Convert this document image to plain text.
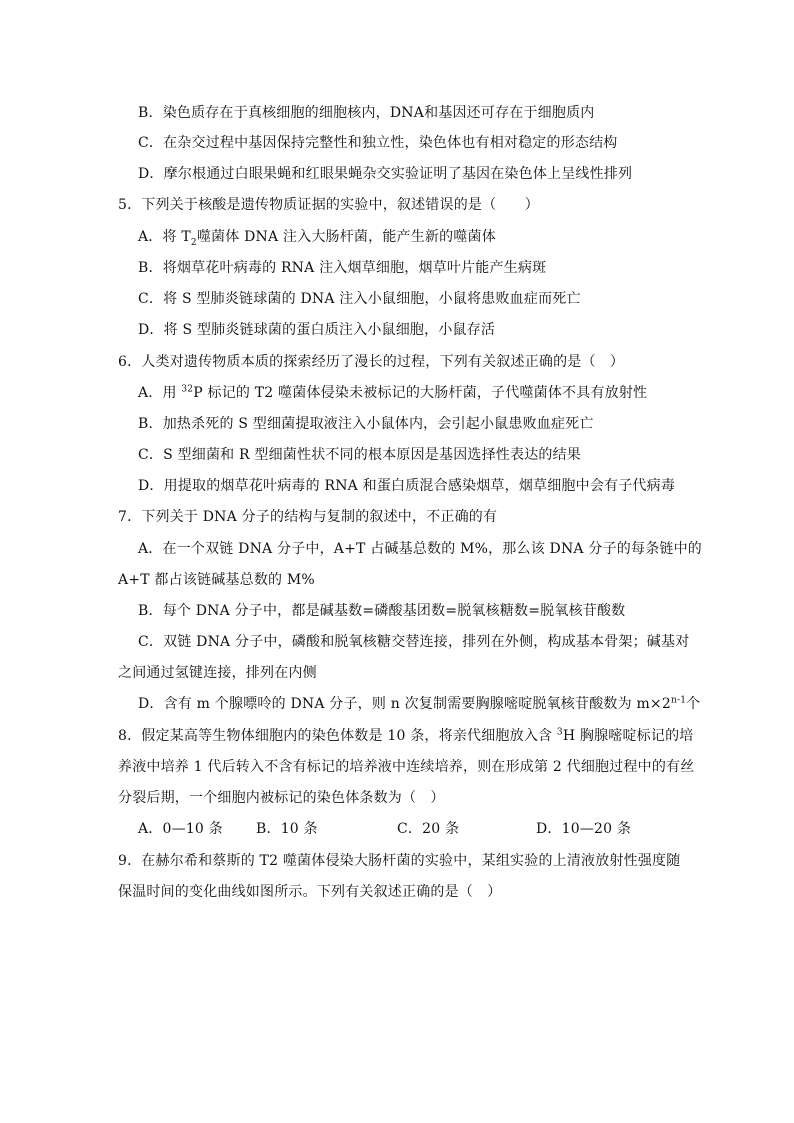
B．染色质存在于真核细胞的细胞核内，DNA和基因还可存在于细胞质内
C．在杂交过程中基因保持完整性和独立性，染色体也有相对稳定的形态结构
D．摩尔根通过白眼果蝇和红眼果蝇杂交实验证明了基因在染色体上呈线性排列
5．下列关于核酸是遗传物质证据的实验中，叙述错误的是（　　）
A．将 $T_2$噬菌体 DNA 注入大肠杆菌，能产生新的噬菌体
B．将烟草花叶病毒的 RNA 注入烟草细胞，烟草叶片能产生病斑
C．将 S 型肺炎链球菌的 DNA 注入小鼠细胞，小鼠将患败血症而死亡
D．将 S 型肺炎链球菌的蛋白质注入小鼠细胞，小鼠存活
6．人类对遗传物质本质的探索经历了漫长的过程，下列有关叙述正确的是（　）
A．用 $^{32}$P 标记的 T2 噬菌体侵染未被标记的大肠杆菌，子代噬菌体不具有放射性
B．加热杀死的 S 型细菌提取液注入小鼠体内，会引起小鼠患败血症死亡
C．S 型细菌和 R 型细菌性状不同的根本原因是基因选择性表达的结果
D．用提取的烟草花叶病毒的 RNA 和蛋白质混合感染烟草，烟草细胞中会有子代病毒
7．下列关于 DNA 分子的结构与复制的叙述中，不正确的有
A．在一个双链 DNA 分子中，A+T 占碱基总数的 M%，那么该 DNA 分子的每条链中的
A+T 都占该链碱基总数的 M%
B．每个 DNA 分子中，都是碱基数=磷酸基团数=脱氧核糖数=脱氧核苷酸数
C．双链 DNA 分子中，磷酸和脱氧核糖交替连接，排列在外侧，构成基本骨架；碱基对
之间通过氢键连接，排列在内侧
D．含有 m 个腺嘌呤的 DNA 分子，则 n 次复制需要胸腺嘧啶脱氧核苷酸数为 $m\times 2^{n-1}$个
8．假定某高等生物体细胞内的染色体数是 10 条，将亲代细胞放入含 $^3$H 胸腺嘧啶标记的培
养液中培养 1 代后转入不含有标记的培养液中连续培养，则在形成第 2 代细胞过程中的有丝
分裂后期，一个细胞内被标记的染色体条数为（　）
A．0—10 条 B．10 条	C．20 条	D．10—20 条
9．在赫尔希和蔡斯的 T2 噬菌体侵染大肠杆菌的实验中，某组实验的上清液放射性强度随
保温时间的变化曲线如图所示。下列有关叙述正确的是（　）
